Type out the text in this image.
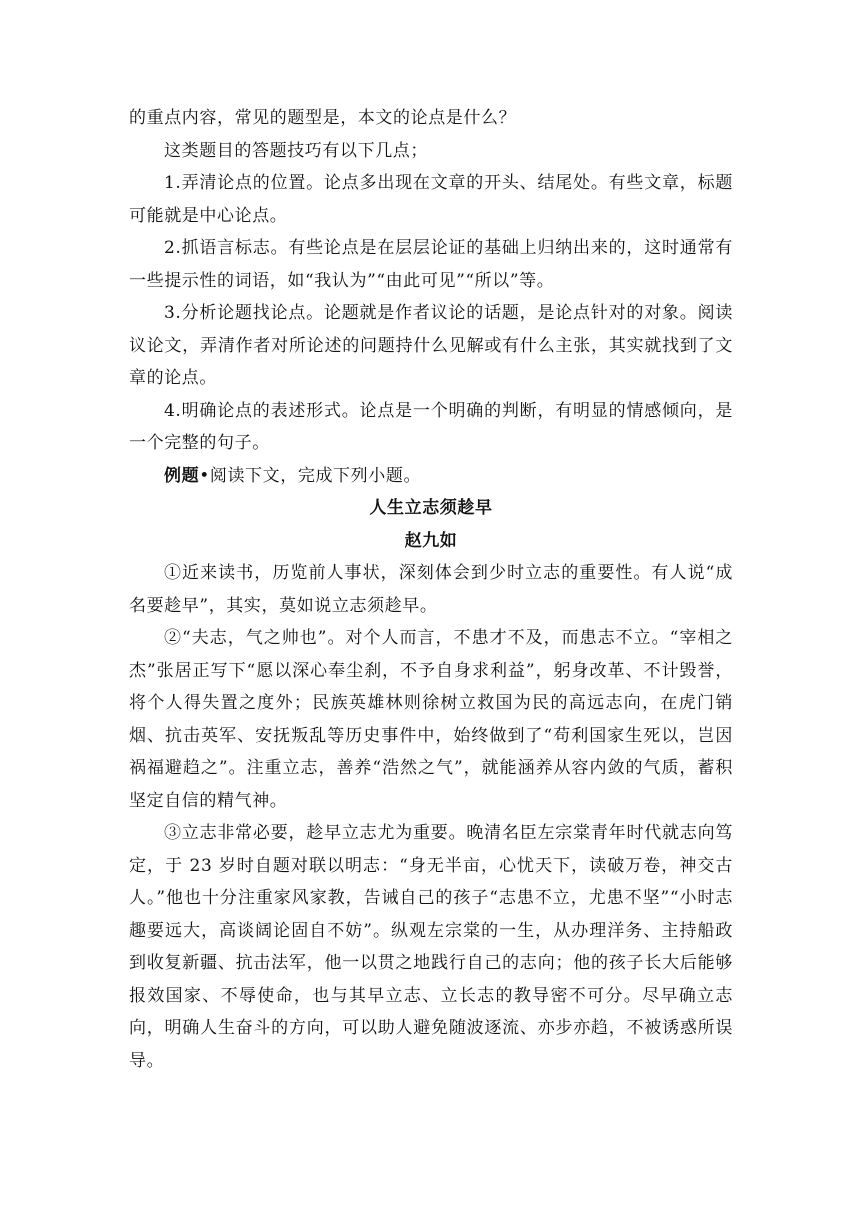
的重点内容，常见的题型是，本文的论点是什么？

这类题目的答题技巧有以下几点；

1.弄清论点的位置。论点多出现在文章的开头、结尾处。有些文章，标题可能就是中心论点。

2.抓语言标志。有些论点是在层层论证的基础上归纳出来的，这时通常有一些提示性的词语，如“我认为”“由此可见”“所以”等。

3.分析论题找论点。论题就是作者议论的话题，是论点针对的对象。阅读议论文，弄清作者对所论述的问题持什么见解或有什么主张，其实就找到了文章的论点。

4.明确论点的表述形式。论点是一个明确的判断，有明显的情感倾向，是一个完整的句子。

例题•阅读下文，完成下列小题。

人生立志须趁早

赵九如

①近来读书，历览前人事状，深刻体会到少时立志的重要性。有人说“成名要趁早”，其实，莫如说立志须趁早。

②“夫志，气之帅也”。对个人而言，不患才不及，而患志不立。“宰相之杰”张居正写下“愿以深心奉尘刹，不予自身求利益”，躬身改革、不计毁誉，将个人得失置之度外；民族英雄林则徐树立救国为民的高远志向，在虎门销烟、抗击英军、安抚叛乱等历史事件中，始终做到了“苟利国家生死以，岂因祸福避趋之”。注重立志，善养“浩然之气”，就能涵养从容内敛的气质，蓄积坚定自信的精气神。

③立志非常必要，趁早立志尤为重要。晚清名臣左宗棠青年时代就志向笃定，于 23 岁时自题对联以明志：“身无半亩，心忧天下，读破万卷，神交古人。”他也十分注重家风家教，告诫自己的孩子“志患不立，尤患不坚”“小时志趣要远大，高谈阔论固自不妨”。纵观左宗棠的一生，从办理洋务、主持船政到收复新疆、抗击法军，他一以贯之地践行自己的志向；他的孩子长大后能够报效国家、不辱使命，也与其早立志、立长志的教导密不可分。尽早确立志向，明确人生奋斗的方向，可以助人避免随波逐流、亦步亦趋，不被诱惑所误导。
